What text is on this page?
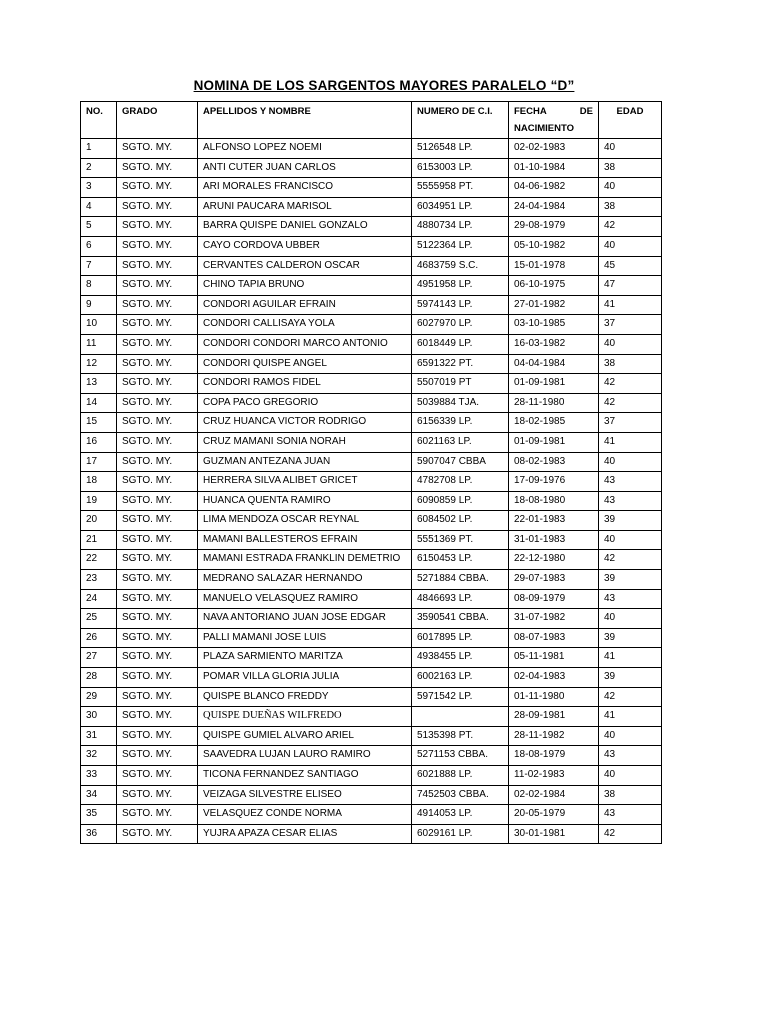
NOMINA DE LOS SARGENTOS MAYORES PARALELO “D”
NO.	GRADO	APELLIDOS Y NOMBRE	NUMERO DE C.I.	FECHA DE NACIMIENTO	EDAD
1	SGTO. MY.	ALFONSO LOPEZ NOEMI	5126548 LP.	02-02-1983	40
2	SGTO. MY.	ANTI CUTER JUAN CARLOS	6153003 LP.	01-10-1984	38
3	SGTO. MY.	ARI MORALES FRANCISCO	5555958 PT.	04-06-1982	40
4	SGTO. MY.	ARUNI PAUCARA MARISOL	6034951 LP.	24-04-1984	38
5	SGTO. MY.	BARRA QUISPE DANIEL GONZALO	4880734 LP.	29-08-1979	42
6	SGTO. MY.	CAYO CORDOVA UBBER	5122364 LP.	05-10-1982	40
7	SGTO. MY.	CERVANTES CALDERON OSCAR	4683759 S.C.	15-01-1978	45
8	SGTO. MY.	CHINO TAPIA BRUNO	4951958 LP.	06-10-1975	47
9	SGTO. MY.	CONDORI AGUILAR EFRAIN	5974143 LP.	27-01-1982	41
10	SGTO. MY.	CONDORI CALLISAYA YOLA	6027970 LP.	03-10-1985	37
11	SGTO. MY.	CONDORI CONDORI MARCO ANTONIO	6018449 LP.	16-03-1982	40
12	SGTO. MY.	CONDORI QUISPE ANGEL	6591322 PT.	04-04-1984	38
13	SGTO. MY.	CONDORI RAMOS FIDEL	5507019 PT	01-09-1981	42
14	SGTO. MY.	COPA PACO GREGORIO	5039884 TJA.	28-11-1980	42
15	SGTO. MY.	CRUZ HUANCA VICTOR RODRIGO	6156339 LP.	18-02-1985	37
16	SGTO. MY.	CRUZ MAMANI SONIA NORAH	6021163 LP.	01-09-1981	41
17	SGTO. MY.	GUZMAN ANTEZANA JUAN	5907047 CBBA	08-02-1983	40
18	SGTO. MY.	HERRERA SILVA ALIBET GRICET	4782708 LP.	17-09-1976	43
19	SGTO. MY.	HUANCA QUENTA RAMIRO	6090859 LP.	18-08-1980	43
20	SGTO. MY.	LIMA MENDOZA OSCAR REYNAL	6084502 LP.	22-01-1983	39
21	SGTO. MY.	MAMANI BALLESTEROS EFRAIN	5551369 PT.	31-01-1983	40
22	SGTO. MY.	MAMANI ESTRADA FRANKLIN DEMETRIO	6150453 LP.	22-12-1980	42
23	SGTO. MY.	MEDRANO SALAZAR HERNANDO	5271884 CBBA.	29-07-1983	39
24	SGTO. MY.	MANUELO VELASQUEZ RAMIRO	4846693 LP.	08-09-1979	43
25	SGTO. MY.	NAVA ANTORIANO JUAN JOSE EDGAR	3590541 CBBA.	31-07-1982	40
26	SGTO. MY.	PALLI MAMANI JOSE LUIS	6017895 LP.	08-07-1983	39
27	SGTO. MY.	PLAZA SARMIENTO MARITZA	4938455 LP.	05-11-1981	41
28	SGTO. MY.	POMAR VILLA GLORIA JULIA	6002163 LP.	02-04-1983	39
29	SGTO. MY.	QUISPE BLANCO FREDDY	5971542 LP.	01-11-1980	42
30	SGTO. MY.	QUISPE DUEÑAS WILFREDO		28-09-1981	41
31	SGTO. MY.	QUISPE GUMIEL ALVARO ARIEL	5135398 PT.	28-11-1982	40
32	SGTO. MY.	SAAVEDRA LUJAN LAURO RAMIRO	5271153 CBBA.	18-08-1979	43
33	SGTO. MY.	TICONA FERNANDEZ SANTIAGO	6021888 LP.	11-02-1983	40
34	SGTO. MY.	VEIZAGA SILVESTRE ELISEO	7452503 CBBA.	02-02-1984	38
35	SGTO. MY.	VELASQUEZ CONDE NORMA	4914053 LP.	20-05-1979	43
36	SGTO. MY.	YUJRA APAZA CESAR ELIAS	6029161 LP.	30-01-1981	42
